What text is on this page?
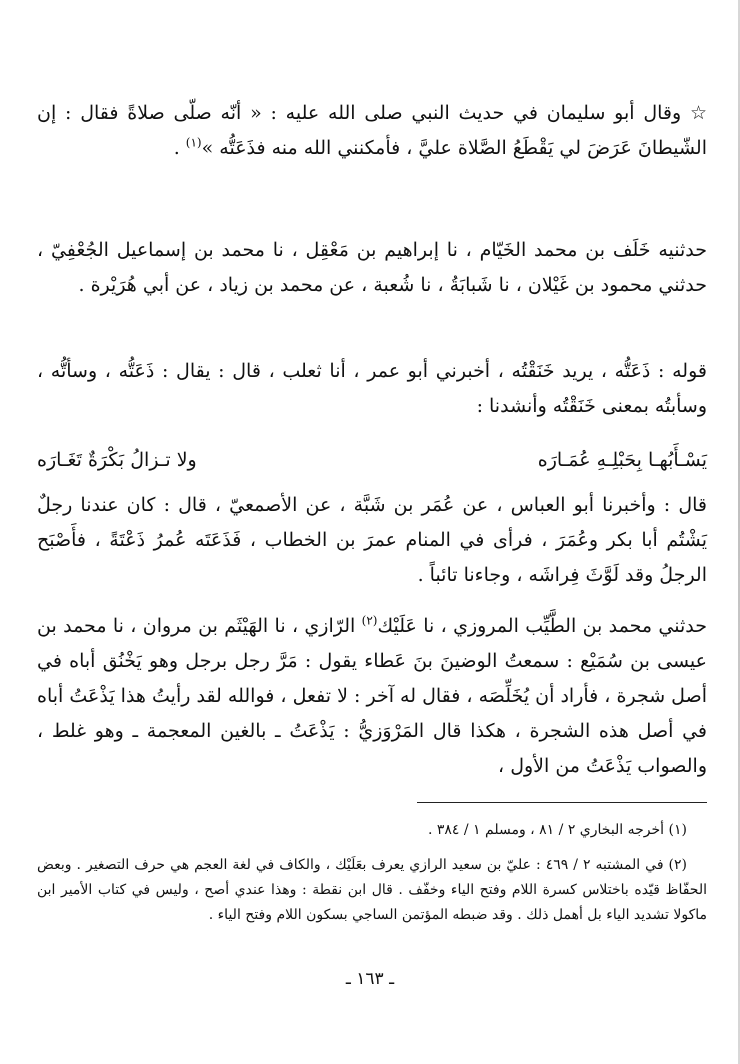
☆ وقال أبو سليمان في حديث النبي صلى الله عليه : « أنّه صلّى صلاةً فقال : إن الشّيطانَ عَرَضَ لي يَقْطَعُ الصَّلاة عليَّ ، فأمكنني الله منه فذَعَتُّه »$^{(١)}$ .
حدثنيه خَلَف بن محمد الخَيّام ، نا إبراهيم بن مَعْقِل ، نا محمد بن إسماعيل الجُعْفِيّ ، حدثني محمود بن غَيْلان ، نا شَبابَةُ ، نا شُعبة ، عن محمد بن زياد ، عن أبي هُرَيْرة .
قوله : ذَعَتُّه ، يريد خَنَقْتُه ، أخبرني أبو عمر ، أنا ثعلب ، قال : يقال : ذَعَتُّه ، وسأتُّه ، وسأبتُه بمعنى خَنَقْتُه وأنشدنا :
يَسْـأَبُهـا بِحَبْلِـهِ عُمَـارَه
ولا تـزالُ بَكْرَةٌ تَغَـارَه
قال : وأخبرنا أبو العباس ، عن عُمَر بن شَبَّة ، عن الأصمعيّ ، قال : كان عندنا رجلٌ يَشْتُم أبا بكر وعُمَرَ ، فرأى في المنام عمرَ بن الخطاب ، فَذَعَتَه عُمرُ ذَعْتَةً ، فأَصْبَح الرجلُ وقد لَوَّثَ فِراشَه ، وجاءنا تائباً .
حدثني محمد بن الطَّيِّب المروزي ، نا عَلَيْك$^{(٢)}$ الرّازي ، نا الهَيْثَم بن مروان ، نا محمد بن عيسى بن سُمَيْع : سمعتُ الوضينَ بنَ عَطاء يقول : مَرَّ رجل برجل وهو يَخْنُق أباه في أصل شجرة ، فأراد أن يُخَلِّصَه ، فقال له آخر : لا تفعل ، فوالله لقد رأيتُ هذا يَذْعَتُ أباه في أصل هذه الشجرة ، هكذا قال المَرْوَزيُّ : يَذْعَتُ ـ بالغين المعجمة ـ وهو غلط ، والصواب يَذْعَتُ من الأول ،

(١) أخرجه البخاري ٢ / ٨١ ، ومسلم ١ / ٣٨٤ .

(٢) في المشتبه ٢ / ٤٦٩ : عليّ بن سعيد الرازي يعرف بعَلَيْك ، والكاف في لغة العجم هي حرف التصغير . وبعض الحفّاظ قيّده باختلاس كسرة اللام وفتح الياء وخفّف . قال ابن نقطة : وهذا عندي أصح ، وليس في كتاب الأمير ابن ماكولا تشديد الياء بل أهمل ذلك . وقد ضبطه المؤتمن الساجي بسكون اللام وفتح الياء .

ـ ١٦٣ ـ
